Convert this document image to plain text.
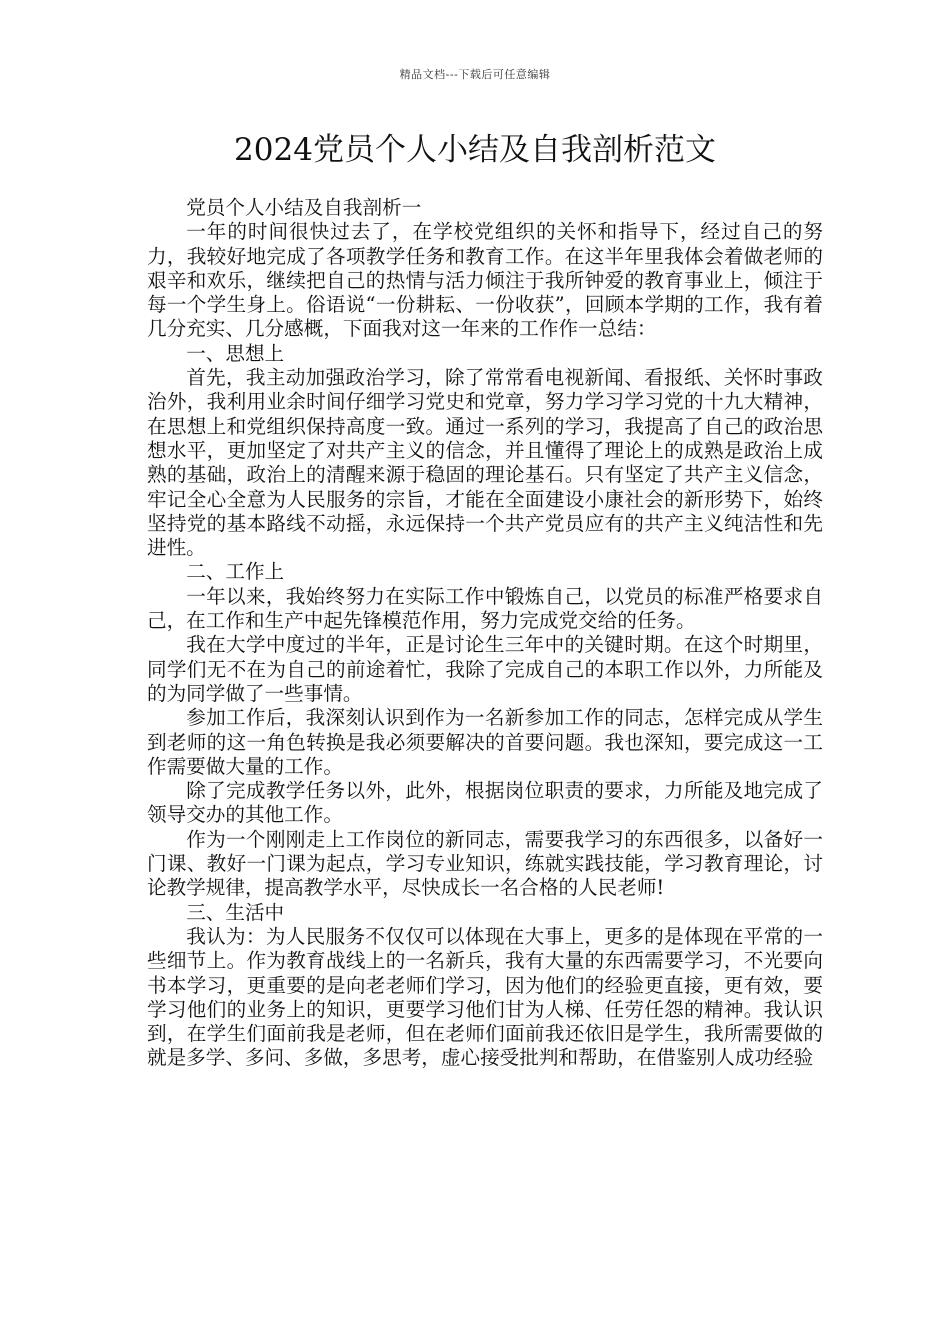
精品文档---下载后可任意编辑
2024党员个人小结及自我剖析范文

党员个人小结及自我剖析一

一年的时间很快过去了，在学校党组织的关怀和指导下，经过自己的努力，我较好地完成了各项教学任务和教育工作。在这半年里我体会着做老师的艰辛和欢乐，继续把自己的热情与活力倾注于我所钟爱的教育事业上，倾注于每一个学生身上。俗语说“一份耕耘、一份收获”，回顾本学期的工作，我有着几分充实、几分感概，下面我对这一年来的工作作一总结：

一、思想上

首先，我主动加强政治学习，除了常常看电视新闻、看报纸、关怀时事政治外，我利用业余时间仔细学习党史和党章，努力学习学习党的十九大精神，在思想上和党组织保持高度一致。通过一系列的学习，我提高了自己的政治思想水平，更加坚定了对共产主义的信念，并且懂得了理论上的成熟是政治上成熟的基础，政治上的清醒来源于稳固的理论基石。只有坚定了共产主义信念，牢记全心全意为人民服务的宗旨，才能在全面建设小康社会的新形势下，始终坚持党的基本路线不动摇，永远保持一个共产党员应有的共产主义纯洁性和先进性。

二、工作上

一年以来，我始终努力在实际工作中锻炼自己，以党员的标准严格要求自己，在工作和生产中起先锋模范作用，努力完成党交给的任务。

我在大学中度过的半年，正是讨论生三年中的关键时期。在这个时期里，同学们无不在为自己的前途着忙，我除了完成自己的本职工作以外，力所能及的为同学做了一些事情。

参加工作后，我深刻认识到作为一名新参加工作的同志，怎样完成从学生到老师的这一角色转换是我必须要解决的首要问题。我也深知，要完成这一工作需要做大量的工作。

除了完成教学任务以外，此外，根据岗位职责的要求，力所能及地完成了领导交办的其他工作。

作为一个刚刚走上工作岗位的新同志，需要我学习的东西很多，以备好一门课、教好一门课为起点，学习专业知识，练就实践技能，学习教育理论，讨论教学规律，提高教学水平，尽快成长一名合格的人民老师!

三、生活中

我认为：为人民服务不仅仅可以体现在大事上，更多的是体现在平常的一些细节上。作为教育战线上的一名新兵，我有大量的东西需要学习，不光要向书本学习，更重要的是向老老师们学习，因为他们的经验更直接，更有效，要学习他们的业务上的知识，更要学习他们甘为人梯、任劳任怨的精神。我认识到，在学生们面前我是老师，但在老师们面前我还依旧是学生，我所需要做的就是多学、多问、多做，多思考，虚心接受批判和帮助，在借鉴别人成功经验
